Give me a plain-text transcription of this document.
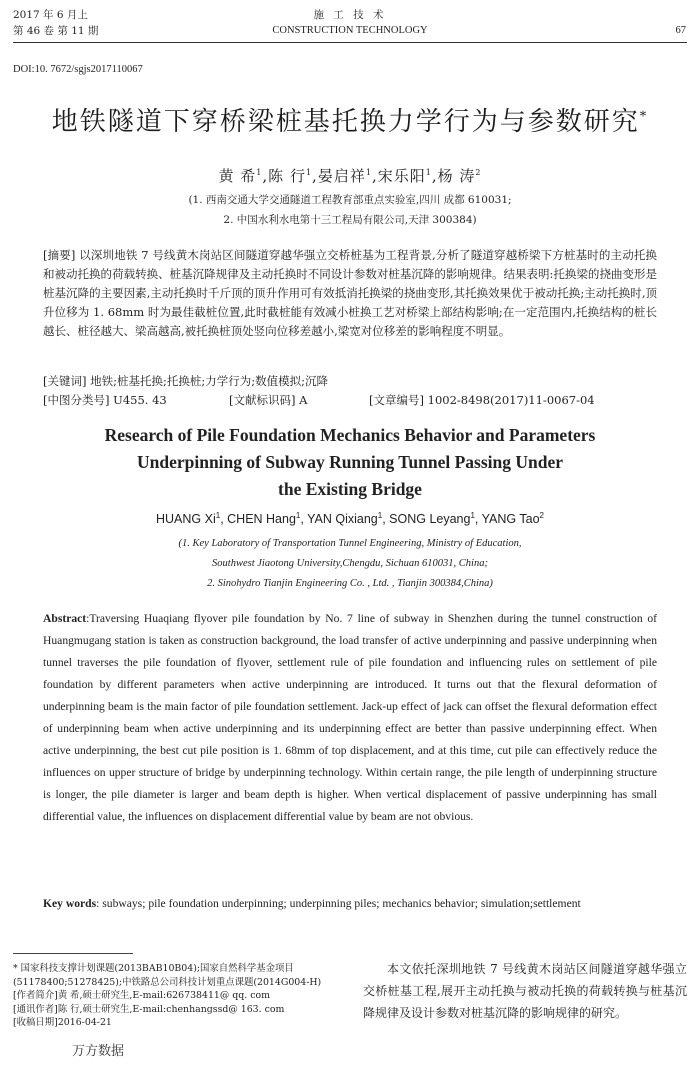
2017 年 6 月上
第 46 卷 第 11 期
施 工 技 术
CONSTRUCTION TECHNOLOGY	67
DOI:10. 7672/sgjs2017110067
地铁隧道下穿桥梁桩基托换力学行为与参数研究*
黄 希$^1$,陈 行$^1$,晏启祥$^1$,宋乐阳$^1$,杨 涛$^2$
(1. 西南交通大学交通隧道工程教育部重点实验室,四川 成都 610031;
2. 中国水利水电第十三工程局有限公司,天津 300384)
[摘要] 以深圳地铁 7 号线黄木岗站区间隧道穿越华强立交桥桩基为工程背景,分析了隧道穿越桥梁下方桩基时的主动托换和被动托换的荷载转换、桩基沉降规律及主动托换时不同设计参数对桩基沉降的影响规律。结果表明:托换梁的挠曲变形是桩基沉降的主要因素,主动托换时千斤顶的顶升作用可有效抵消托换梁的挠曲变形,其托换效果优于被动托换;主动托换时,顶升位移为 1. 68mm 时为最佳截桩位置,此时截桩能有效减小桩换工艺对桥梁上部结构影响;在一定范围内,托换结构的桩长越长、桩径越大、梁高越高,被托换桩顶处竖向位移差越小,梁宽对位移差的影响程度不明显。
[关键词] 地铁;桩基托换;托换桩;力学行为;数值模拟;沉降
[中图分类号] U455. 43	[文献标识码] A	[文章编号] 1002-8498(2017)11-0067-04
Research of Pile Foundation Mechanics Behavior and Parameters
Underpinning of Subway Running Tunnel Passing Under
the Existing Bridge
HUANG Xi$^1$, CHEN Hang$^1$, YAN Qixiang$^1$, SONG Leyang$^1$, YANG Tao$^2$
(1. Key Laboratory of Transportation Tunnel Engineering, Ministry of Education,
Southwest Jiaotong University,Chengdu, Sichuan 610031, China;
2. Sinohydro Tianjin Engineering Co. , Ltd. , Tianjin 300384,China)
Abstract:Traversing Huaqiang flyover pile foundation by No. 7 line of subway in Shenzhen during the tunnel construction of Huangmugang station is taken as construction background, the load transfer of active underpinning and passive underpinning when tunnel traverses the pile foundation of flyover, settlement rule of pile foundation and influencing rules on settlement of pile foundation by different parameters when active underpinning are introduced. It turns out that the flexural deformation of underpinning beam is the main factor of pile foundation settlement. Jack-up effect of jack can offset the flexural deformation effect of underpinning beam when active underpinning and its underpinning effect are better than passive underpinning effect. When active underpinning, the best cut pile position is 1. 68mm of top displacement, and at this time, cut pile can effectively reduce the influences on upper structure of bridge by underpinning technology. Within certain range, the pile length of underpinning structure is longer, the pile diameter is larger and beam depth is higher. When vertical displacement of passive underpinning has small differential value, the influences on displacement differential value by beam are not obvious.
Key words: subways; pile foundation underpinning; underpinning piles; mechanics behavior; simulation;settlement
* 国家科技支撑计划课题(2013BAB10B04);国家自然科学基金项目(51178400;51278425);中铁路总公司科技计划重点课题(2014G004-H)
[作者简介]黄 希,硕士研究生,E-mail:626738411@ qq. com
[通讯作者]陈 行,硕士研究生,E-mail:chenhangssd@ 163. com
[收稿日期]2016-04-21
万方数据
本文依托深圳地铁 7 号线黄木岗站区间隧道穿越华强立交桥桩基工程,展开主动托换与被动托换的荷载转换与桩基沉降规律及设计参数对桩基沉降的影响规律的研究。
